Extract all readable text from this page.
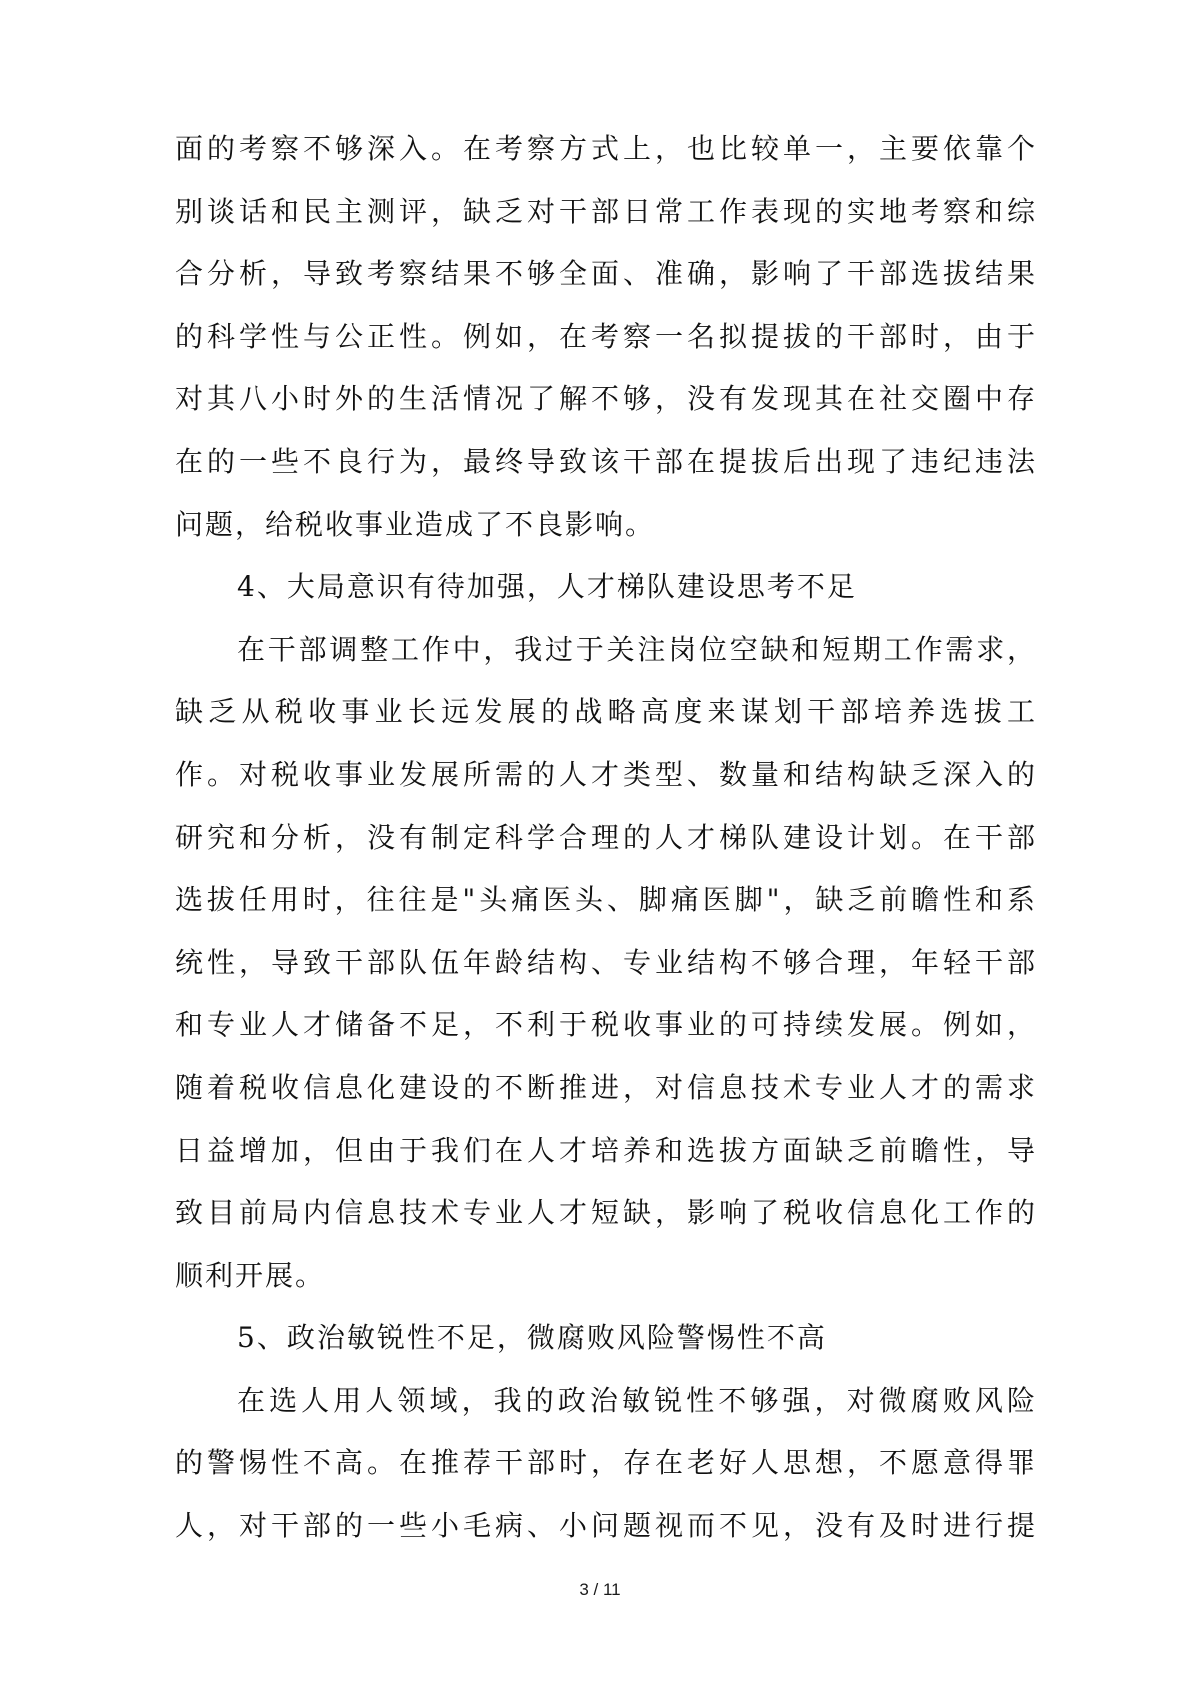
面的考察不够深入。在考察方式上，也比较单一，主要依靠个
别谈话和民主测评，缺乏对干部日常工作表现的实地考察和综
合分析，导致考察结果不够全面、准确，影响了干部选拔结果
的科学性与公正性。例如，在考察一名拟提拔的干部时，由于
对其八小时外的生活情况了解不够，没有发现其在社交圈中存
在的一些不良行为，最终导致该干部在提拔后出现了违纪违法
问题，给税收事业造成了不良影响。
4、大局意识有待加强，人才梯队建设思考不足
在干部调整工作中，我过于关注岗位空缺和短期工作需求，
缺乏从税收事业长远发展的战略高度来谋划干部培养选拔工
作。对税收事业发展所需的人才类型、数量和结构缺乏深入的
研究和分析，没有制定科学合理的人才梯队建设计划。在干部
选拔任用时，往往是"头痛医头、脚痛医脚"，缺乏前瞻性和系
统性，导致干部队伍年龄结构、专业结构不够合理，年轻干部
和专业人才储备不足，不利于税收事业的可持续发展。例如，
随着税收信息化建设的不断推进，对信息技术专业人才的需求
日益增加，但由于我们在人才培养和选拔方面缺乏前瞻性，导
致目前局内信息技术专业人才短缺，影响了税收信息化工作的
顺利开展。
5、政治敏锐性不足，微腐败风险警惕性不高
在选人用人领域，我的政治敏锐性不够强，对微腐败风险
的警惕性不高。在推荐干部时，存在老好人思想，不愿意得罪
人，对干部的一些小毛病、小问题视而不见，没有及时进行提
3 / 11
